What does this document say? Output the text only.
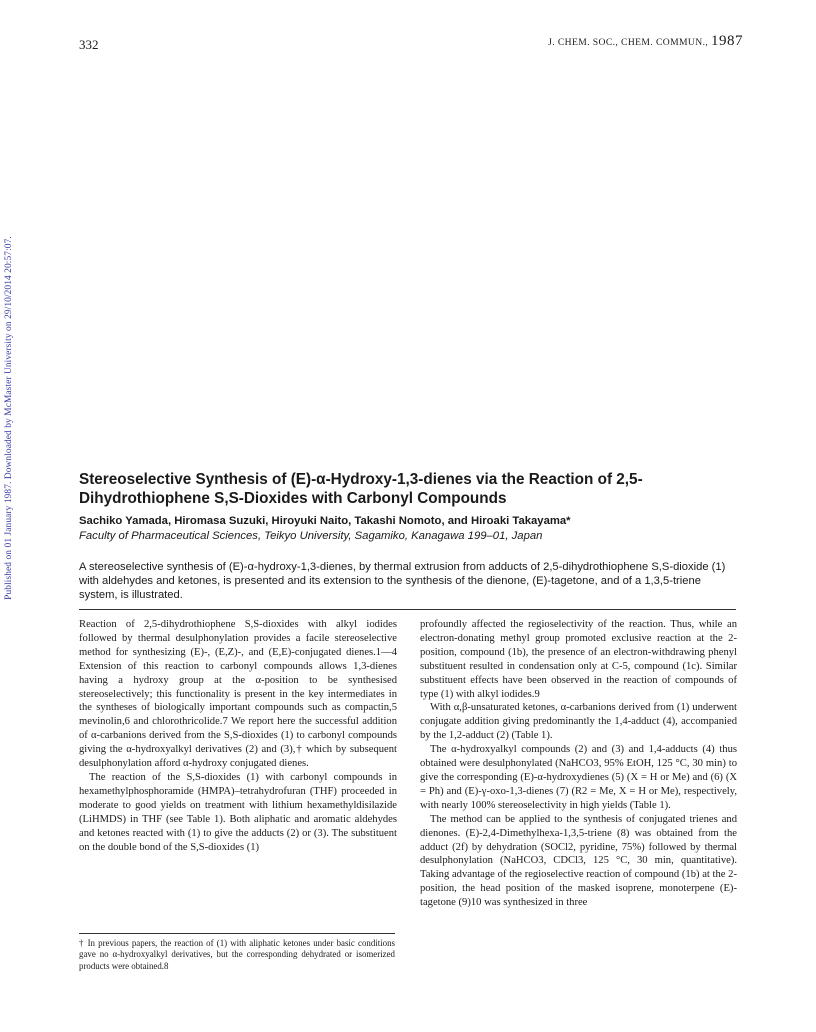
Published on 01 January 1987. Downloaded by McMaster University on 29/10/2014 20:57:07.
332	J. CHEM. SOC., CHEM. COMMUN., 1987
Stereoselective Synthesis of (E)-α-Hydroxy-1,3-dienes via the Reaction of 2,5-Dihydrothiophene S,S-Dioxides with Carbonyl Compounds
Sachiko Yamada, Hiromasa Suzuki, Hiroyuki Naito, Takashi Nomoto, and Hiroaki Takayama*
Faculty of Pharmaceutical Sciences, Teikyo University, Sagamiko, Kanagawa 199–01, Japan

A stereoselective synthesis of (E)-α-hydroxy-1,3-dienes, by thermal extrusion from adducts of 2,5-dihydrothiophene S,S-dioxide (1) with aldehydes and ketones, is presented and its extension to the synthesis of the dienone, (E)-tagetone, and of a 1,3,5-triene system, is illustrated.

Reaction of 2,5-dihydrothiophene S,S-dioxides with alkyl iodides followed by thermal desulphonylation provides a facile stereoselective method for synthesizing (E)-, (E,Z)-, and (E,E)-conjugated dienes.1—4 Extension of this reaction to carbonyl compounds allows 1,3-dienes having a hydroxy group at the α-position to be synthesised stereoselectively; this functionality is present in the key intermediates in the syntheses of biologically important compounds such as compactin,5 mevinolin,6 and chlorothricolide.7 We report here the successful addition of α-carbanions derived from the S,S-dioxides (1) to carbonyl compounds giving the α-hydroxyalkyl derivatives (2) and (3),† which by subsequent desulphonylation afford α-hydroxy conjugated dienes.

The reaction of the S,S-dioxides (1) with carbonyl compounds in hexamethylphosphoramide (HMPA)–tetrahydrofuran (THF) proceeded in moderate to good yields on treatment with lithium hexamethyldisilazide (LiHMDS) in THF (see Table 1). Both aliphatic and aromatic aldehydes and ketones reacted with (1) to give the adducts (2) or (3). The substituent on the double bond of the S,S-dioxides (1)

profoundly affected the regioselectivity of the reaction. Thus, while an electron-donating methyl group promoted exclusive reaction at the 2-position, compound (1b), the presence of an electron-withdrawing phenyl substituent resulted in condensation only at C-5, compound (1c). Similar substituent effects have been observed in the reaction of compounds of type (1) with alkyl iodides.9

With α,β-unsaturated ketones, α-carbanions derived from (1) underwent conjugate addition giving predominantly the 1,4-adduct (4), accompanied by the 1,2-adduct (2) (Table 1).

The α-hydroxyalkyl compounds (2) and (3) and 1,4-adducts (4) thus obtained were desulphonylated (NaHCO3, 95% EtOH, 125 °C, 30 min) to give the corresponding (E)-α-hydroxydienes (5) (X = H or Me) and (6) (X = Ph) and (E)-γ-oxo-1,3-dienes (7) (R2 = Me, X = H or Me), respectively, with nearly 100% stereoselectivity in high yields (Table 1).

The method can be applied to the synthesis of conjugated trienes and dienones. (E)-2,4-Dimethylhexa-1,3,5-triene (8) was obtained from the adduct (2f) by dehydration (SOCl2, pyridine, 75%) followed by thermal desulphonylation (NaHCO3, CDCl3, 125 °C, 30 min, quantitative). Taking advantage of the regioselective reaction of compound (1b) at the 2-position, the head position of the masked isoprene, monoterpene (E)-tagetone (9)10 was synthesized in three

† In previous papers, the reaction of (1) with aliphatic ketones under basic conditions gave no α-hydroxyalkyl derivatives, but the corresponding dehydrated or isomerized products were obtained.8
